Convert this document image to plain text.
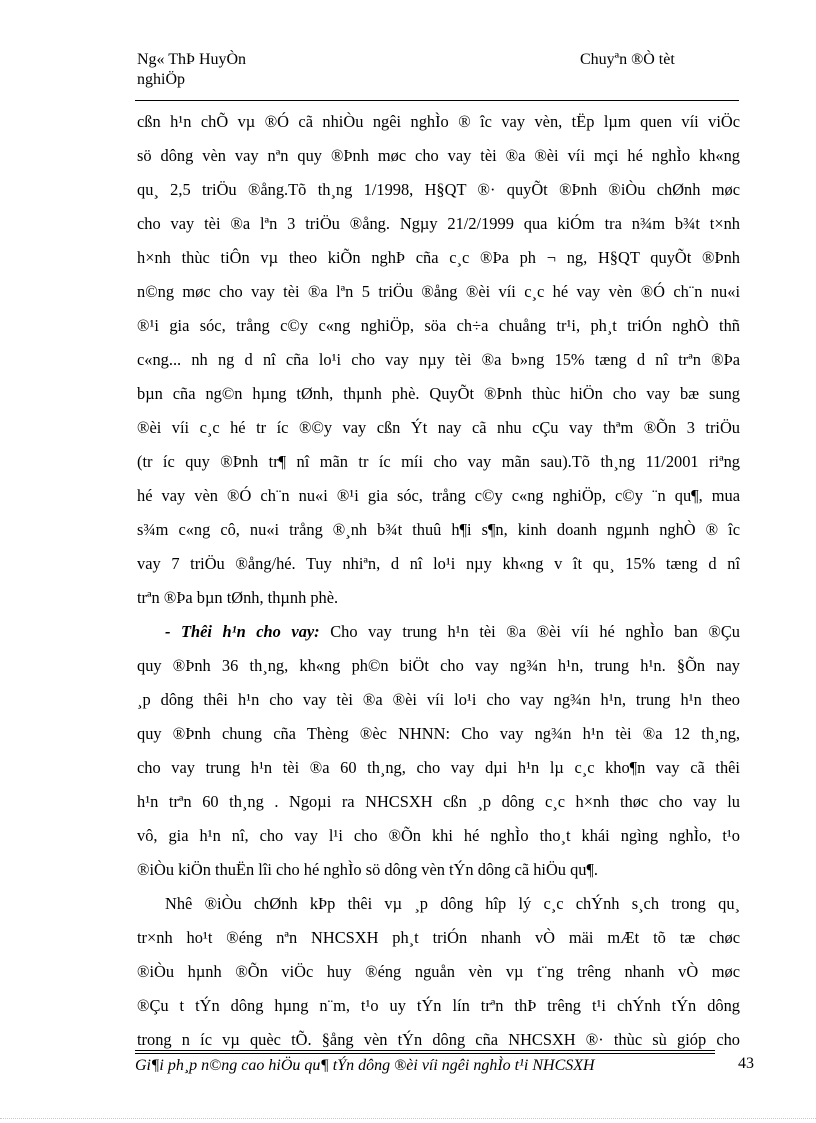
Ng« ThÞ HuyÒn
nghiÖp
Chuyªn ®Ò tèt
cßn h¹n chÕ vµ ®Ó cã nhiÒu ngêi nghÌo ® îc vay vèn, tËp lµm quen víi viÖc
sö dông vèn vay nªn quy ®Þnh møc cho vay tèi ®a ®èi víi mçi hé nghÌo kh«ng
qu¸ 2,5 triÖu ®ång.Tõ th¸ng 1/1998, H§QT ®· quyÕt ®Þnh ®iÒu chØnh møc
cho vay tèi ®a lªn 3 triÖu ®ång. Ngµy 21/2/1999 qua kiÓm tra n¾m b¾t t×nh
h×nh thùc tiÔn vµ theo kiÕn nghÞ cña c¸c ®Þa ph ¬ ng, H§QT quyÕt ®Þnh
n©ng møc cho vay tèi ®a lªn 5 triÖu ®ång ®èi víi c¸c hé vay vèn ®Ó ch¨n nu«i
®¹i gia sóc, trång c©y c«ng nghiÖp, söa ch÷a chuång tr¹i, ph¸t triÓn nghÒ thñ
c«ng... nh ng d nî cña lo¹i cho vay nµy tèi ®a b»ng 15% tæng d nî trªn ®Þa
bµn cña ng©n hµng tØnh, thµnh phè. QuyÕt ®Þnh thùc hiÖn cho vay bæ sung
®èi víi c¸c hé tr íc ®©y vay cßn Ýt nay cã nhu cÇu vay thªm ®Õn 3 triÖu
(tr íc quy ®Þnh tr¶ nî mãn tr íc míi cho vay mãn sau).Tõ th¸ng 11/2001 riªng
hé vay vèn ®Ó ch¨n nu«i ®¹i gia sóc, trång c©y c«ng nghiÖp, c©y ¨n qu¶, mua
s¾m c«ng cô, nu«i trång ®¸nh b¾t thuû h¶i s¶n, kinh doanh ngµnh nghÒ ® îc
vay 7 triÖu ®ång/hé. Tuy nhiªn, d nî lo¹i nµy kh«ng v ît qu¸ 15% tæng d nî
trªn ®Þa bµn tØnh, thµnh phè.
- Thêi h¹n cho vay: Cho vay trung h¹n tèi ®a ®èi víi hé nghÌo ban ®Çu
quy ®Þnh 36 th¸ng, kh«ng ph©n biÖt cho vay ng¾n h¹n, trung h¹n. §Õn nay
¸p dông thêi h¹n cho vay tèi ®a ®èi víi lo¹i cho vay ng¾n h¹n, trung h¹n theo
quy ®Þnh chung cña Thèng ®èc NHNN: Cho vay ng¾n h¹n tèi ®a 12 th¸ng,
cho vay trung h¹n tèi ®a 60 th¸ng, cho vay dµi h¹n lµ c¸c kho¶n vay cã thêi
h¹n trªn 60 th¸ng . Ngoµi ra NHCSXH cßn ¸p dông c¸c h×nh thøc cho vay lu
vô, gia h¹n nî, cho vay l¹i cho ®Õn khi hé nghÌo tho¸t khái ngìng nghÌo, t¹o
®iÒu kiÖn thuËn lîi cho hé nghÌo sö dông vèn tÝn dông cã hiÖu qu¶.
Nhê ®iÒu chØnh kÞp thêi vµ ¸p dông hîp lý c¸c chÝnh s¸ch trong qu¸
tr×nh ho¹t ®éng nªn NHCSXH ph¸t triÓn nhanh vÒ mäi mÆt tõ tæ chøc
®iÒu hµnh ®Õn viÖc huy ®éng nguån vèn vµ t¨ng trêng nhanh vÒ møc
®Çu t tÝn dông hµng n¨m, t¹o uy tÝn lín trªn thÞ trêng t¹i chÝnh tÝn dông
trong n íc vµ quèc tÕ. §ång vèn tÝn dông cña NHCSXH ®· thùc sù gióp cho
Gi¶i ph¸p n©ng cao hiÖu qu¶ tÝn dông ®èi víi ngêi nghÌo t¹i NHCSXH	43
